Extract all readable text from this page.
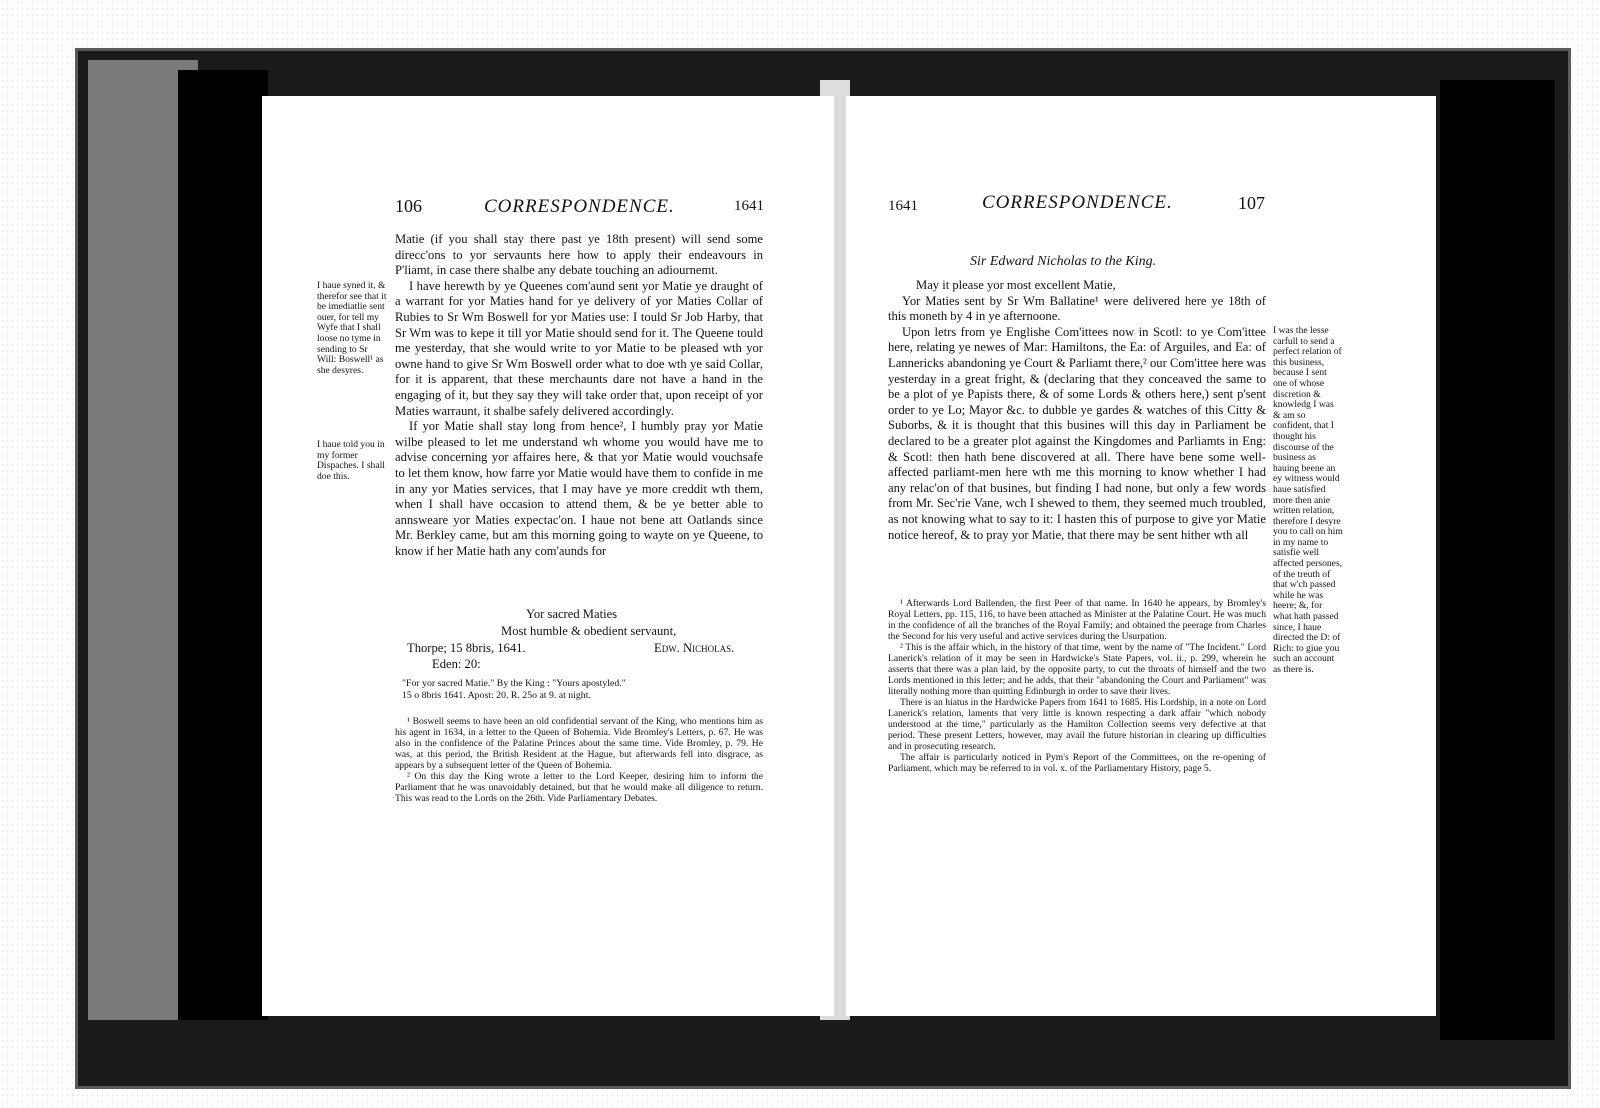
106	CORRESPONDENCE.	1641
I haue syned it, & therefor see that it be imediatlie sent ouer, for tell my Wyfe that I shall loose no tyme in sending to Sr Will: Boswell¹ as she desyres.
I haue told you in my former Dispaches. I shall doe this.

Matie (if you shall stay there past ye 18th present) will send some direcc'ons to yor servaunts here how to apply their endeavours in P'liamt, in case there shalbe any debate touching an adiournemt.

I have herewth by ye Queenes com'aund sent yor Matie ye draught of a warrant for yor Maties hand for ye delivery of yor Maties Collar of Rubies to Sr Wm Boswell for yor Maties use: I tould Sr Job Harby, that Sr Wm was to kepe it till yor Matie should send for it. The Queene tould me yesterday, that she would write to yor Matie to be pleased wth yor owne hand to give Sr Wm Boswell order what to doe wth ye said Collar, for it is apparent, that these merchaunts dare not have a hand in the engaging of it, but they say they will take order that, upon receipt of yor Maties warraunt, it shalbe safely delivered accordingly.

If yor Matie shall stay long from hence², I humbly pray yor Matie wilbe pleased to let me understand wh whome you would have me to advise concerning yor affaires here, & that yor Matie would vouchsafe to let them know, how farre yor Matie would have them to confide in me in any yor Maties services, that I may have ye more creddit wth them, when I shall have occasion to attend them, & be ye better able to annsweare yor Maties expectac'on. I haue not bene att Oatlands since Mr. Berkley came, but am this morning going to wayte on ye Queene, to know if her Matie hath any com'aunds for

Yor sacred Maties
Most humble & obedient servaunt,
Thorpe; 15 8bris, 1641.	Edw. Nicholas.
Eden: 20:
"For yor sacred Matie." By the King : "Yours apostyled."
15 o 8bris 1641. Apost: 20. R. 25o at 9. at night.

¹ Boswell seems to have been an old confidential servant of the King, who mentions him as his agent in 1634, in a letter to the Queen of Bohemia. Vide Bromley's Letters, p. 67. He was also in the confidence of the Palatine Princes about the same time. Vide Bromley, p. 79. He was, at this period, the British Resident at the Hague, but afterwards fell into disgrace, as appears by a subsequent letter of the Queen of Bohemia.

² On this day the King wrote a letter to the Lord Keeper, desiring him to inform the Parliament that he was unavoidably detained, but that he would make all diligence to return. This was read to the Lords on the 26th. Vide Parliamentary Debates.

1641	CORRESPONDENCE.	107
Sir Edward Nicholas to the King.

May it please yor most excellent Matie,

Yor Maties sent by Sr Wm Ballatine¹ were delivered here ye 18th of this moneth by 4 in ye afternoone.

Upon letrs from ye Englishe Com'ittees now in Scotl: to ye Com'ittee here, relating ye newes of Mar: Hamiltons, the Ea: of Arguiles, and Ea: of Lannericks abandoning ye Court & Parliamt there,² our Com'ittee here was yesterday in a great fright, & (declaring that they conceaved the same to be a plot of ye Papists there, & of some Lords & others here,) sent p'sent order to ye Lo; Mayor &c. to dubble ye gardes & watches of this Citty & Suborbs, & it is thought that this busines will this day in Parliament be declared to be a greater plot against the Kingdomes and Parliamts in Eng: & Scotl: then hath bene discovered at all. There have bene some well-affected parliamt-men here wth me this morning to know whether I had any relac'on of that busines, but finding I had none, but only a few words from Mr. Sec'rie Vane, wch I shewed to them, they seemed much troubled, as not knowing what to say to it: I hasten this of purpose to give yor Matie notice hereof, & to pray yor Matie, that there may be sent hither wth all

I was the lesse carfull to send a perfect relation of this business, because I sent one of whose discretion & knowledg I was & am so confident, that I thought his discourse of the business as hauing beene an ey witness would haue satisfied more then anie written relation, therefore I desyre you to call on him in my name to satisfie well affected persones, of the treuth of that w'ch passed while he was heere; &, for what hath passed since, I haue directed the D: of Rich: to giue you such an account as there is.

¹ Afterwards Lord Ballenden, the first Peer of that name. In 1640 he appears, by Bromley's Royal Letters, pp. 115, 116, to have been attached as Minister at the Palatine Court. He was much in the confidence of all the branches of the Royal Family; and obtained the peerage from Charles the Second for his very useful and active services during the Usurpation.

² This is the affair which, in the history of that time, went by the name of "The Incident." Lord Lanerick's relation of it may be seen in Hardwicke's State Papers, vol. ii., p. 299, wherein he asserts that there was a plan laid, by the opposite party, to cut the throats of himself and the two Lords mentioned in this letter; and he adds, that their "abandoning the Court and Parliament" was literally nothing more than quitting Edinburgh in order to save their lives.

There is an hiatus in the Hardwicke Papers from 1641 to 1685. His Lordship, in a note on Lord Lanerick's relation, laments that very little is known respecting a dark affair "which nobody understood at the time," particularly as the Hamilton Collection seems very defective at that period. These present Letters, however, may avail the future historian in clearing up difficulties and in prosecuting research.

The affair is particularly noticed in Pym's Report of the Committees, on the re-opening of Parliament, which may be referred to in vol. x. of the Parliamentary History, page 5.
